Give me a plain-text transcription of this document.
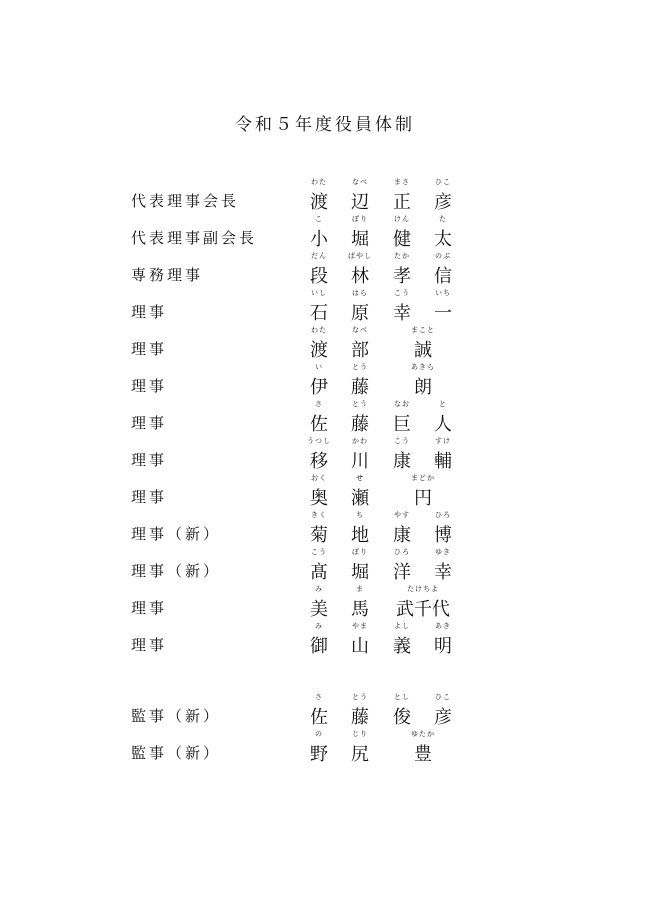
令和５年度役員体制
代表理事会長
わた
渡
なべ
辺
まさ
正
ひこ
彦
代表理事副会長
こ
小
ぼり
堀
けん
健
た
太
専務理事
だん
段
ばやし
林
たか
孝
のぶ
信
理事
いし
石
はら
原
こう
幸
いち
一
理事
わた
渡
なべ
部
まこと
誠
理事
い
伊
とう
藤
あきら
朗
理事
さ
佐
とう
藤
なお
巨
と
人
理事
うつし
移
かわ
川
こう
康
すけ
輔
理事
おく
奥
せ
瀬
まどか
円
理事（新）
きく
菊
ち
地
やす
康
ひろ
博
理事（新）
こう
髙
ぼり
堀
ひろ
洋
ゆき
幸
理事
み
美
ま
馬
たけちよ
武千代
理事
み
御
やま
山
よし
義
あき
明
監事（新）
さ
佐
とう
藤
とし
俊
ひこ
彦
監事（新）
の
野
じり
尻
ゆたか
豊
